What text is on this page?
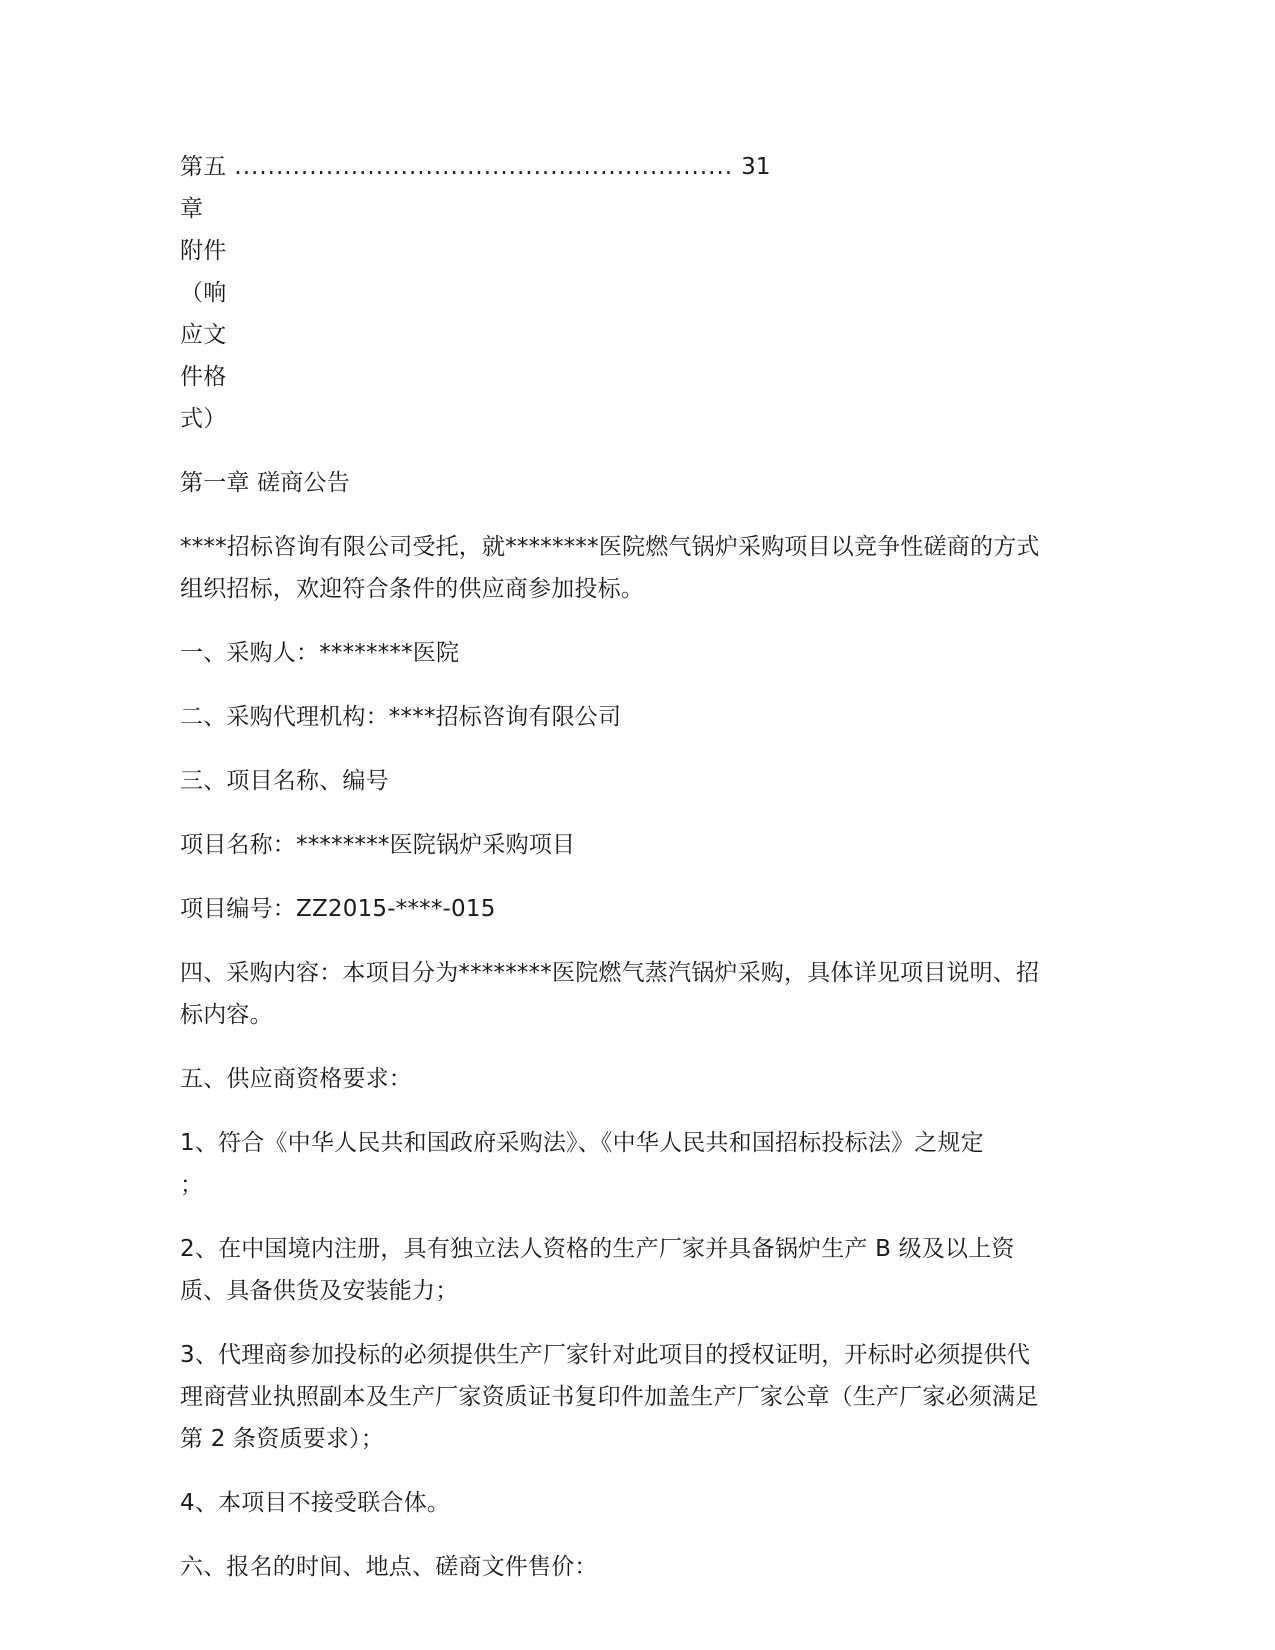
第五章 附件（响应文件格式）
............................................................ 31

第一章 磋商公告

****招标咨询有限公司受托，就********医院燃气锅炉采购项目以竞争性磋商的方式组织招标，欢迎符合条件的供应商参加投标。

一、采购人：********医院

二、采购代理机构：****招标咨询有限公司

三、项目名称、编号

项目名称：********医院锅炉采购项目

项目编号：ZZ2015-****-015

四、采购内容：本项目分为********医院燃气蒸汽锅炉采购，具体详见项目说明、招标内容。

五、供应商资格要求：

1、符合《中华人民共和国政府采购法》、《中华人民共和国招标投标法》之规定
；

2、在中国境内注册，具有独立法人资格的生产厂家并具备锅炉生产 B 级及以上资质、具备供货及安装能力；

3、代理商参加投标的必须提供生产厂家针对此项目的授权证明，开标时必须提供代理商营业执照副本及生产厂家资质证书复印件加盖生产厂家公章（生产厂家必须满足第 2 条资质要求）；

4、本项目不接受联合体。

六、报名的时间、地点、磋商文件售价：
